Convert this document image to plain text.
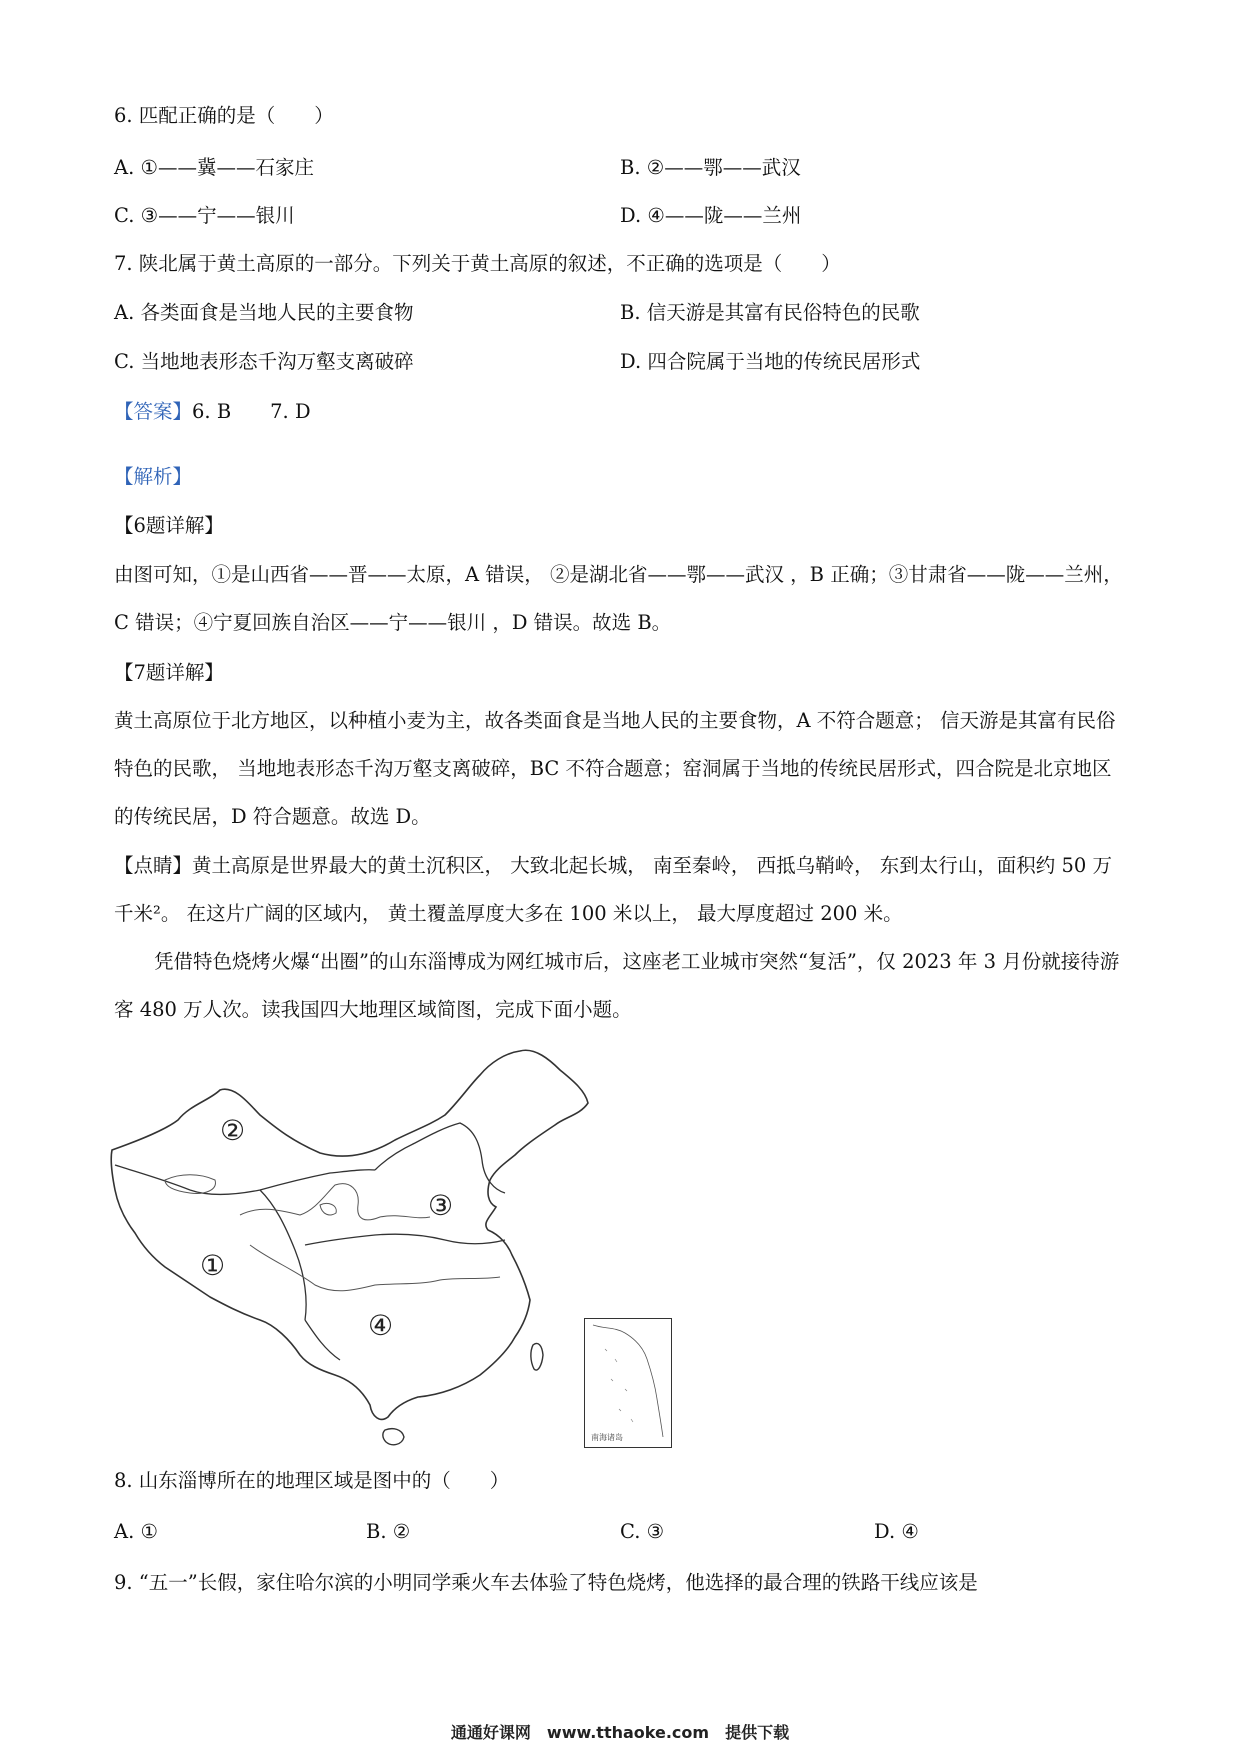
6. 匹配正确的是（　　）
A. ①——冀——石家庄	B. ②——鄂——武汉
C. ③——宁——银川	D. ④——陇——兰州
7. 陕北属于黄土高原的一部分。下列关于黄土高原的叙述，不正确的选项是（　　）
A. 各类面食是当地人民的主要食物	B. 信天游是其富有民俗特色的民歌
C. 当地地表形态千沟万壑支离破碎	D. 四合院属于当地的传统民居形式
【答案】6. B　　7. D
【解析】
【6题详解】
由图可知，①是山西省——晋——太原，A 错误， ②是湖北省——鄂——武汉 ，B 正确；③甘肃省——陇——兰州，C 错误；④宁夏回族自治区——宁——银川 ，D 错误。故选 B。
【7题详解】
黄土高原位于北方地区，以种植小麦为主，故各类面食是当地人民的主要食物，A 不符合题意； 信天游是其富有民俗特色的民歌， 当地地表形态千沟万壑支离破碎，BC 不符合题意；窑洞属于当地的传统民居形式，四合院是北京地区的传统民居，D 符合题意。故选 D。
【点睛】黄土高原是世界最大的黄土沉积区， 大致北起长城， 南至秦岭， 西抵乌鞘岭， 东到太行山，面积约 50 万千米²。 在这片广阔的区域内， 黄土覆盖厚度大多在 100 米以上， 最大厚度超过 200 米。
凭借特色烧烤火爆“出圈”的山东淄博成为网红城市后，这座老工业城市突然“复活”，仅 2023 年 3 月份就接待游客 480 万人次。读我国四大地理区域简图，完成下面小题。
①
②
③
④
南海诸岛
8. 山东淄博所在的地理区域是图中的（　　）
A. ①	B. ②	C. ③	D. ④
9. “五一”长假，家住哈尔滨的小明同学乘火车去体验了特色烧烤，他选择的最合理的铁路干线应该是
通通好课网　www.tthaoke.com　提供下载
